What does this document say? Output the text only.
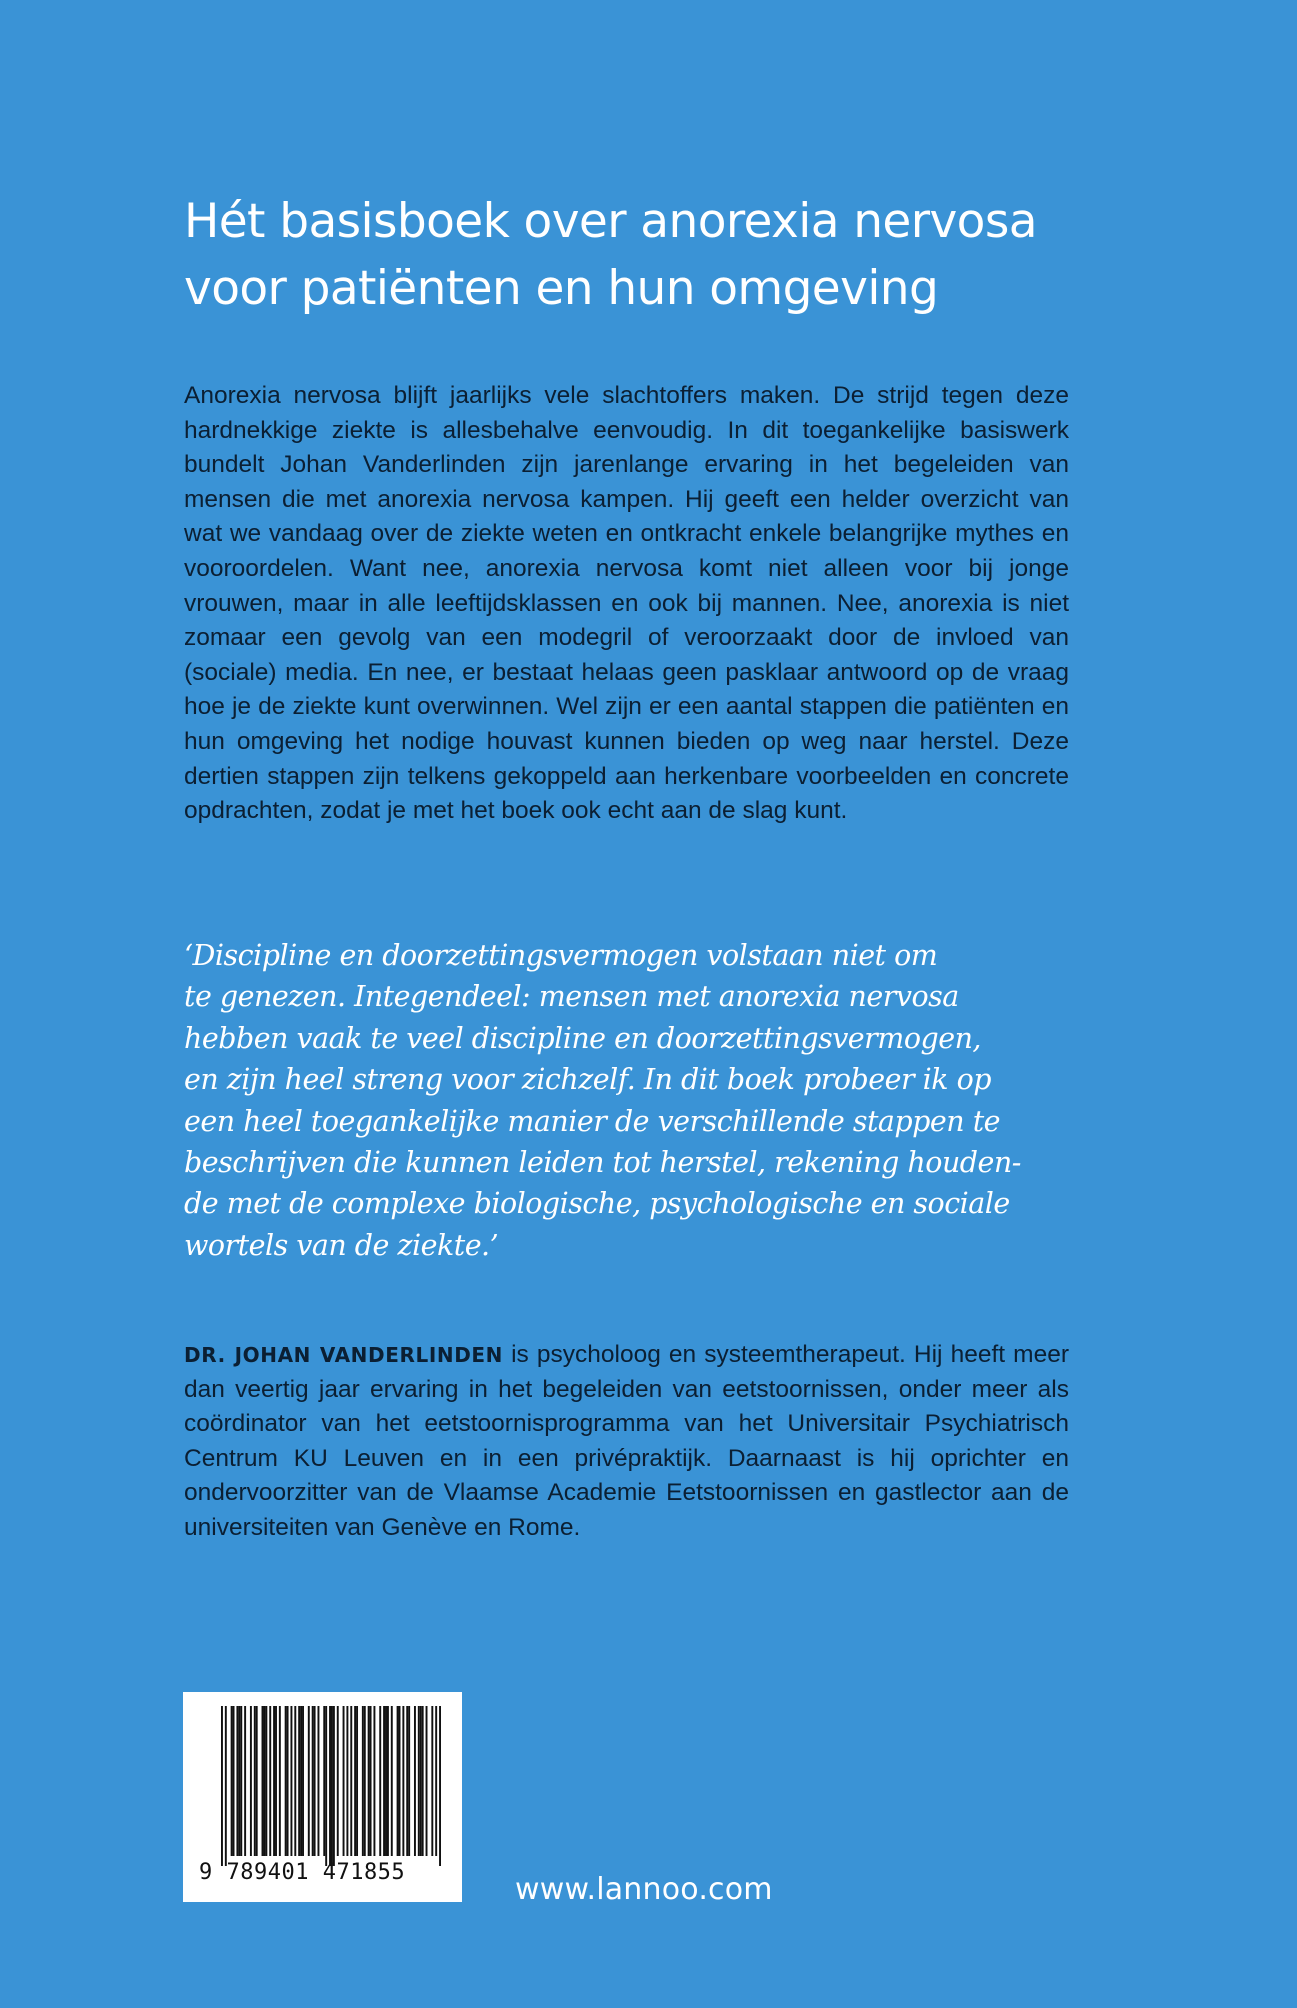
Hét basisboek over anorexia nervosa
voor patiënten en hun omgeving

Anorexia nervosa blijft jaarlijks vele slachtoffers maken. De strijd tegen deze hardnekkige ziekte is allesbehalve eenvoudig. In dit toegankelijke basiswerk bundelt Johan Vanderlinden zijn jarenlange ervaring in het begeleiden van mensen die met anorexia nervosa kampen. Hij geeft een helder overzicht van wat we vandaag over de ziekte weten en ontkracht enkele belangrijke mythes en vooroordelen. Want nee, anorexia nervosa komt niet alleen voor bij jonge vrouwen, maar in alle leeftijdsklassen en ook bij mannen. Nee, anorexia is niet zomaar een gevolg van een modegril of veroorzaakt door de invloed van (sociale) media. En nee, er bestaat helaas geen pasklaar antwoord op de vraag hoe je de ziekte kunt overwinnen. Wel zijn er een aantal stappen die patiënten en hun omgeving het nodige houvast kunnen bieden op weg naar herstel. Deze dertien stappen zijn telkens gekoppeld aan herkenbare voorbeelden en concrete opdrachten, zodat je met het boek ook echt aan de slag kunt.

‘Discipline en doorzettingsvermogen volstaan niet om
te genezen. Integendeel: mensen met anorexia nervosa
hebben vaak te veel discipline en doorzettingsvermogen,
en zijn heel streng voor zichzelf. In dit boek probeer ik op
een heel toegankelijke manier de verschillende stappen te
beschrijven die kunnen leiden tot herstel, rekening houden-
de met de complexe biologische, psychologische en sociale
wortels van de ziekte.’

DR. JOHAN VANDERLINDEN is psycholoog en systeemtherapeut. Hij heeft meer dan veertig jaar ervaring in het begeleiden van eetstoornissen, onder meer als coördinator van het eetstoornisprogramma van het Universitair Psychiatrisch Centrum KU Leuven en in een privépraktijk. Daarnaast is hij oprichter en ondervoorzitter van de Vlaamse Academie Eetstoornissen en gastlector aan de universiteiten van Genève en Rome.

9 789401 471855	www.lannoo.com
